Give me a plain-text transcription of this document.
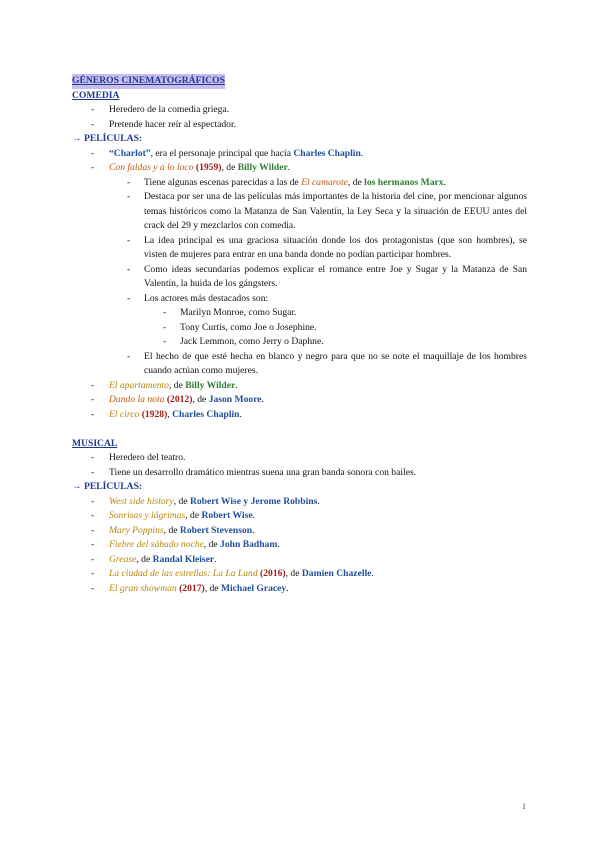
GÉNEROS CINEMATOGRÁFICOS
COMEDIA
- Heredero de la comedia griega.
- Pretende hacer reír al espectador.
→ PELÍCULAS:
- “Charlot”, era el personaje principal que hacía Charles Chaplin.
- Con faldas y a lo loco (1959), de Billy Wilder.
- Tiene algunas escenas parecidas a las de El camarote, de los hermanos Marx.
- Destaca por ser una de las películas más importantes de la historia del cine, por mencionar algunos temas históricos como la Matanza de San Valentín, la Ley Seca y la situación de EEUU antes del crack del 29 y mezclarlos con comedia.
- La idea principal es una graciosa situación donde los dos protagonistas (que son hombres), se visten de mujeres para entrar en una banda donde no podían participar hombres.
- Como ideas secundarias podemos explicar el romance entre Joe y Sugar y la Matanza de San Valentín, la huida de los gángsters.
- Los actores más destacados son:
- Marilyn Monroe, como Sugar.
- Tony Curtis, como Joe o Josephine.
- Jack Lemmon, como Jerry o Daphne.
- El hecho de que esté hecha en blanco y negro para que no se note el maquillaje de los hombres cuando actúan como mujeres.
- El apartamento, de Billy Wilder.
- Dando la nota (2012), de Jason Moore.
- El circo (1928), Charles Chaplin.
MUSICAL
- Heredero del teatro.
- Tiene un desarrollo dramático mientras suena una gran banda sonora con bailes.
→ PELÍCULAS:
- West side history, de Robert Wise y Jerome Robbins.
- Sonrisas y lágrimas, de Robert Wise.
- Mary Poppins, de Robert Stevenson.
- Fiebre del sábado noche, de John Badham.
- Grease, de Randal Kleiser.
- La ciudad de las estrellas: La La Land (2016), de Damien Chazelle.
- El gran showman (2017), de Michael Gracey.
1
